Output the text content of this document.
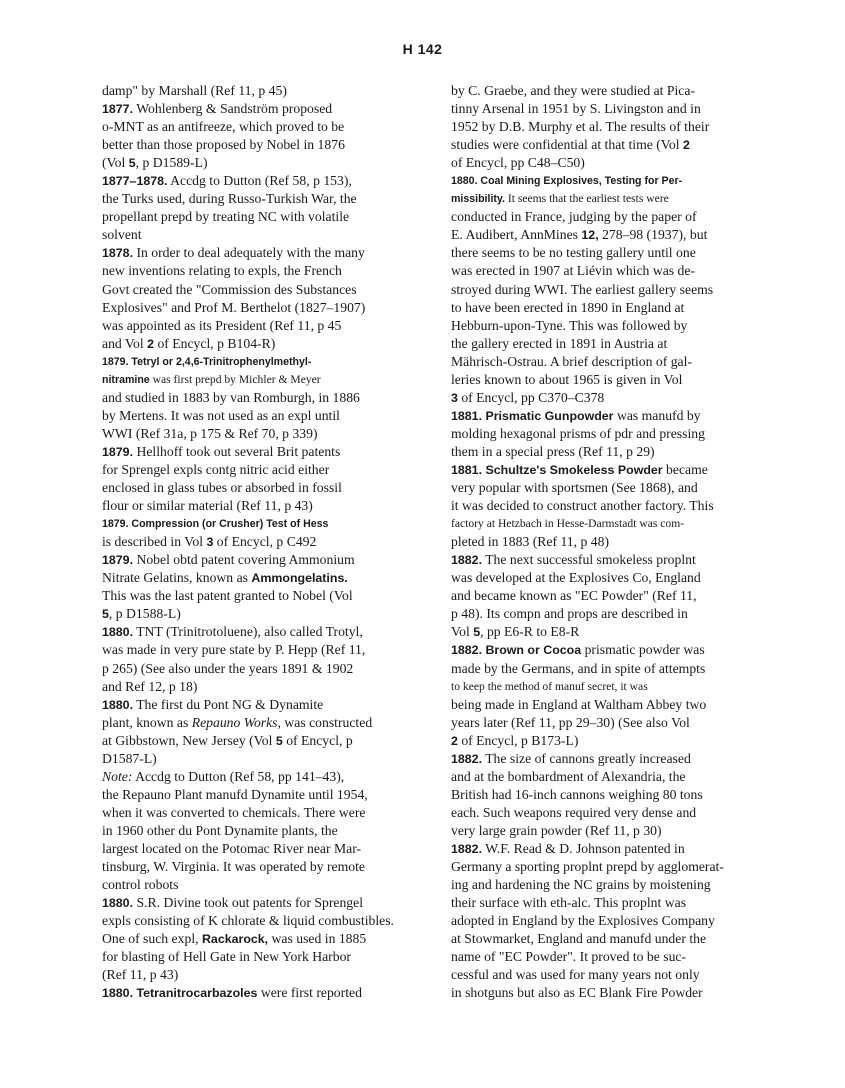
H 142
damp" by Marshall (Ref 11, p 45)
1877. Wohlenberg & Sandström proposed
o-MNT as an antifreeze, which proved to be
better than those proposed by Nobel in 1876
(Vol 5, p D1589-L)
1877–1878. Accdg to Dutton (Ref 58, p 153),
the Turks used, during Russo-Turkish War, the
propellant prepd by treating NC with volatile
solvent
1878. In order to deal adequately with the many
new inventions relating to expls, the French
Govt created the "Commission des Substances
Explosives" and Prof M. Berthelot (1827–1907)
was appointed as its President (Ref 11, p 45
and Vol 2 of Encycl, p B104-R)
1879. Tetryl or 2,4,6-Trinitrophenylmethyl-
nitramine was first prepd by Michler & Meyer
and studied in 1883 by van Romburgh, in 1886
by Mertens. It was not used as an expl until
WWI (Ref 31a, p 175 & Ref 70, p 339)
1879. Hellhoff took out several Brit patents
for Sprengel expls contg nitric acid either
enclosed in glass tubes or absorbed in fossil
flour or similar material (Ref 11, p 43)
1879. Compression (or Crusher) Test of Hess
is described in Vol 3 of Encycl, p C492
1879. Nobel obtd patent covering Ammonium
Nitrate Gelatins, known as Ammongelatins.
This was the last patent granted to Nobel (Vol
5, p D1588-L)
1880. TNT (Trinitrotoluene), also called Trotyl,
was made in very pure state by P. Hepp (Ref 11,
p 265) (See also under the years 1891 & 1902
and Ref 12, p 18)
1880. The first du Pont NG & Dynamite
plant, known as Repauno Works, was constructed
at Gibbstown, New Jersey (Vol 5 of Encycl, p
D1587-L)
Note: Accdg to Dutton (Ref 58, pp 141–43),
the Repauno Plant manufd Dynamite until 1954,
when it was converted to chemicals. There were
in 1960 other du Pont Dynamite plants, the
largest located on the Potomac River near Mar-
tinsburg, W. Virginia. It was operated by remote
control robots
1880. S.R. Divine took out patents for Sprengel
expls consisting of K chlorate & liquid combustibles.
One of such expl, Rackarock, was used in 1885
for blasting of Hell Gate in New York Harbor
(Ref 11, p 43)
1880. Tetranitrocarbazoles were first reported
by C. Graebe, and they were studied at Pica-
tinny Arsenal in 1951 by S. Livingston and in
1952 by D.B. Murphy et al. The results of their
studies were confidential at that time (Vol 2
of Encycl, pp C48–C50)
1880. Coal Mining Explosives, Testing for Per-
missibility. It seems that the earliest tests were
conducted in France, judging by the paper of
E. Audibert, AnnMines 12, 278–98 (1937), but
there seems to be no testing gallery until one
was erected in 1907 at Liévin which was de-
stroyed during WWI. The earliest gallery seems
to have been erected in 1890 in England at
Hebburn-upon-Tyne. This was followed by
the gallery erected in 1891 in Austria at
Mährisch-Ostrau. A brief description of gal-
leries known to about 1965 is given in Vol
3 of Encycl, pp C370–C378
1881. Prismatic Gunpowder was manufd by
molding hexagonal prisms of pdr and pressing
them in a special press (Ref 11, p 29)
1881. Schultze's Smokeless Powder became
very popular with sportsmen (See 1868), and
it was decided to construct another factory. This
factory at Hetzbach in Hesse-Darmstadt was com-
pleted in 1883 (Ref 11, p 48)
1882. The next successful smokeless proplnt
was developed at the Explosives Co, England
and became known as "EC Powder" (Ref 11,
p 48). Its compn and props are described in
Vol 5, pp E6-R to E8-R
1882. Brown or Cocoa prismatic powder was
made by the Germans, and in spite of attempts
to keep the method of manuf secret, it was
being made in England at Waltham Abbey two
years later (Ref 11, pp 29–30) (See also Vol
2 of Encycl, p B173-L)
1882. The size of cannons greatly increased
and at the bombardment of Alexandria, the
British had 16-inch cannons weighing 80 tons
each. Such weapons required very dense and
very large grain powder (Ref 11, p 30)
1882. W.F. Read & D. Johnson patented in
Germany a sporting proplnt prepd by agglomerat-
ing and hardening the NC grains by moistening
their surface with eth-alc. This proplnt was
adopted in England by the Explosives Company
at Stowmarket, England and manufd under the
name of "EC Powder". It proved to be suc-
cessful and was used for many years not only
in shotguns but also as EC Blank Fire Powder
